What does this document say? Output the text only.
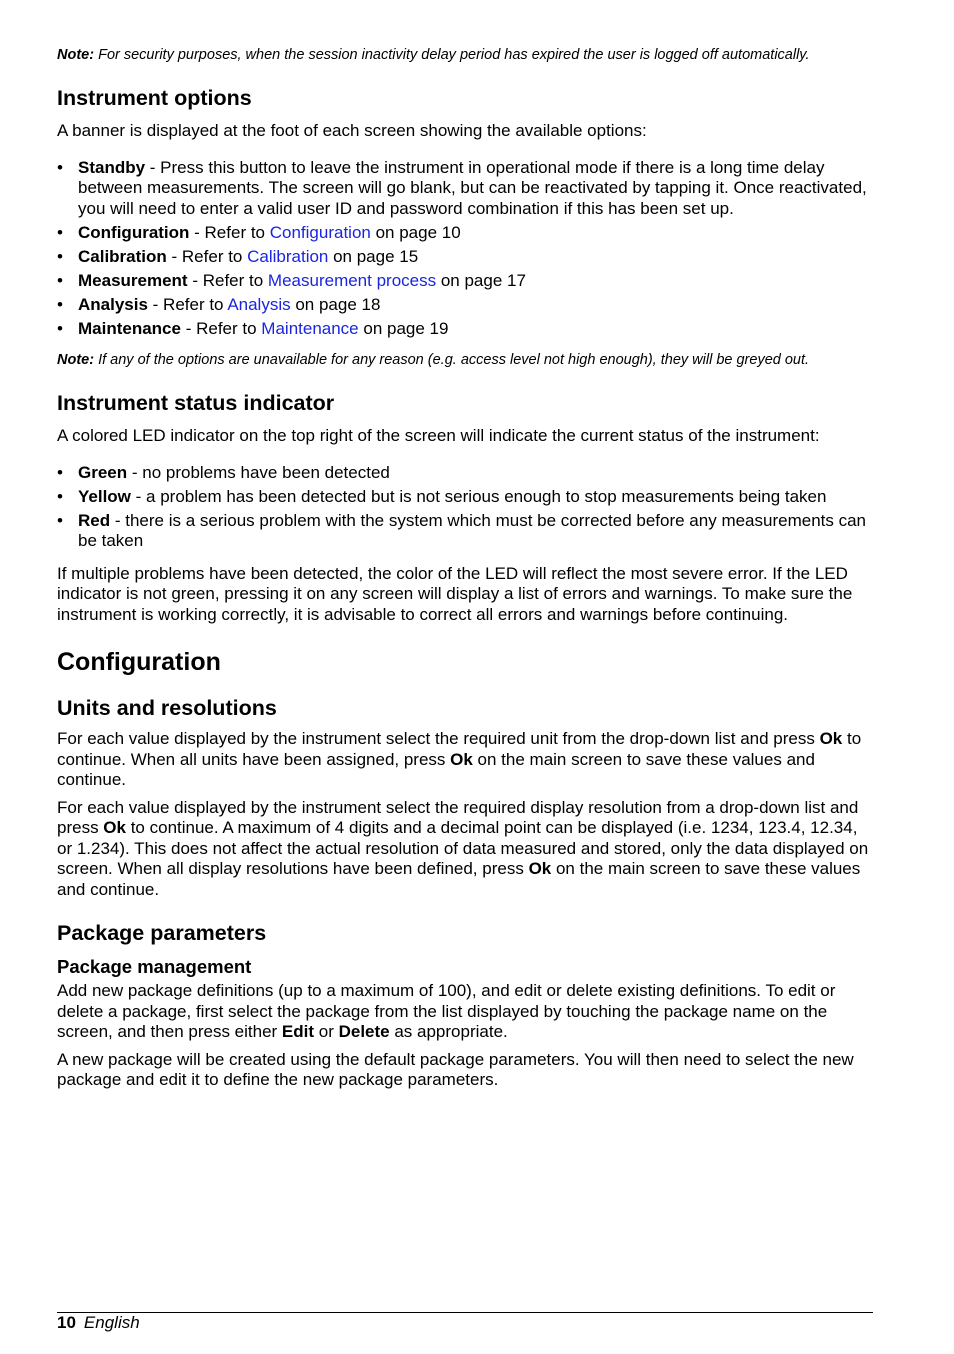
Note: For security purposes, when the session inactivity delay period has expired the user is logged off automatically.

Instrument options

A banner is displayed at the foot of each screen showing the available options:

• Standby - Press this button to leave the instrument in operational mode if there is a long time delay between measurements. The screen will go blank, but can be reactivated by tapping it. Once reactivated, you will need to enter a valid user ID and password combination if this has been set up.
• Configuration - Refer to Configuration on page 10
• Calibration - Refer to Calibration on page 15
• Measurement - Refer to Measurement process on page 17
• Analysis - Refer to Analysis on page 18
• Maintenance - Refer to Maintenance on page 19

Note: If any of the options are unavailable for any reason (e.g. access level not high enough), they will be greyed out.

Instrument status indicator

A colored LED indicator on the top right of the screen will indicate the current status of the instrument:

• Green - no problems have been detected
• Yellow - a problem has been detected but is not serious enough to stop measurements being taken
• Red - there is a serious problem with the system which must be corrected before any measurements can be taken

If multiple problems have been detected, the color of the LED will reflect the most severe error. If the LED indicator is not green, pressing it on any screen will display a list of errors and warnings. To make sure the instrument is working correctly, it is advisable to correct all errors and warnings before continuing.

Configuration
Units and resolutions

For each value displayed by the instrument select the required unit from the drop-down list and press Ok to continue. When all units have been assigned, press Ok on the main screen to save these values and continue.

For each value displayed by the instrument select the required display resolution from a drop-down list and press Ok to continue. A maximum of 4 digits and a decimal point can be displayed (i.e. 1234, 123.4, 12.34, or 1.234). This does not affect the actual resolution of data measured and stored, only the data displayed on screen. When all display resolutions have been defined, press Ok on the main screen to save these values and continue.

Package parameters
Package management

Add new package definitions (up to a maximum of 100), and edit or delete existing definitions. To edit or delete a package, first select the package from the list displayed by touching the package name on the screen, and then press either Edit or Delete as appropriate.

A new package will be created using the default package parameters. You will then need to select the new package and edit it to define the new package parameters.

10 English
